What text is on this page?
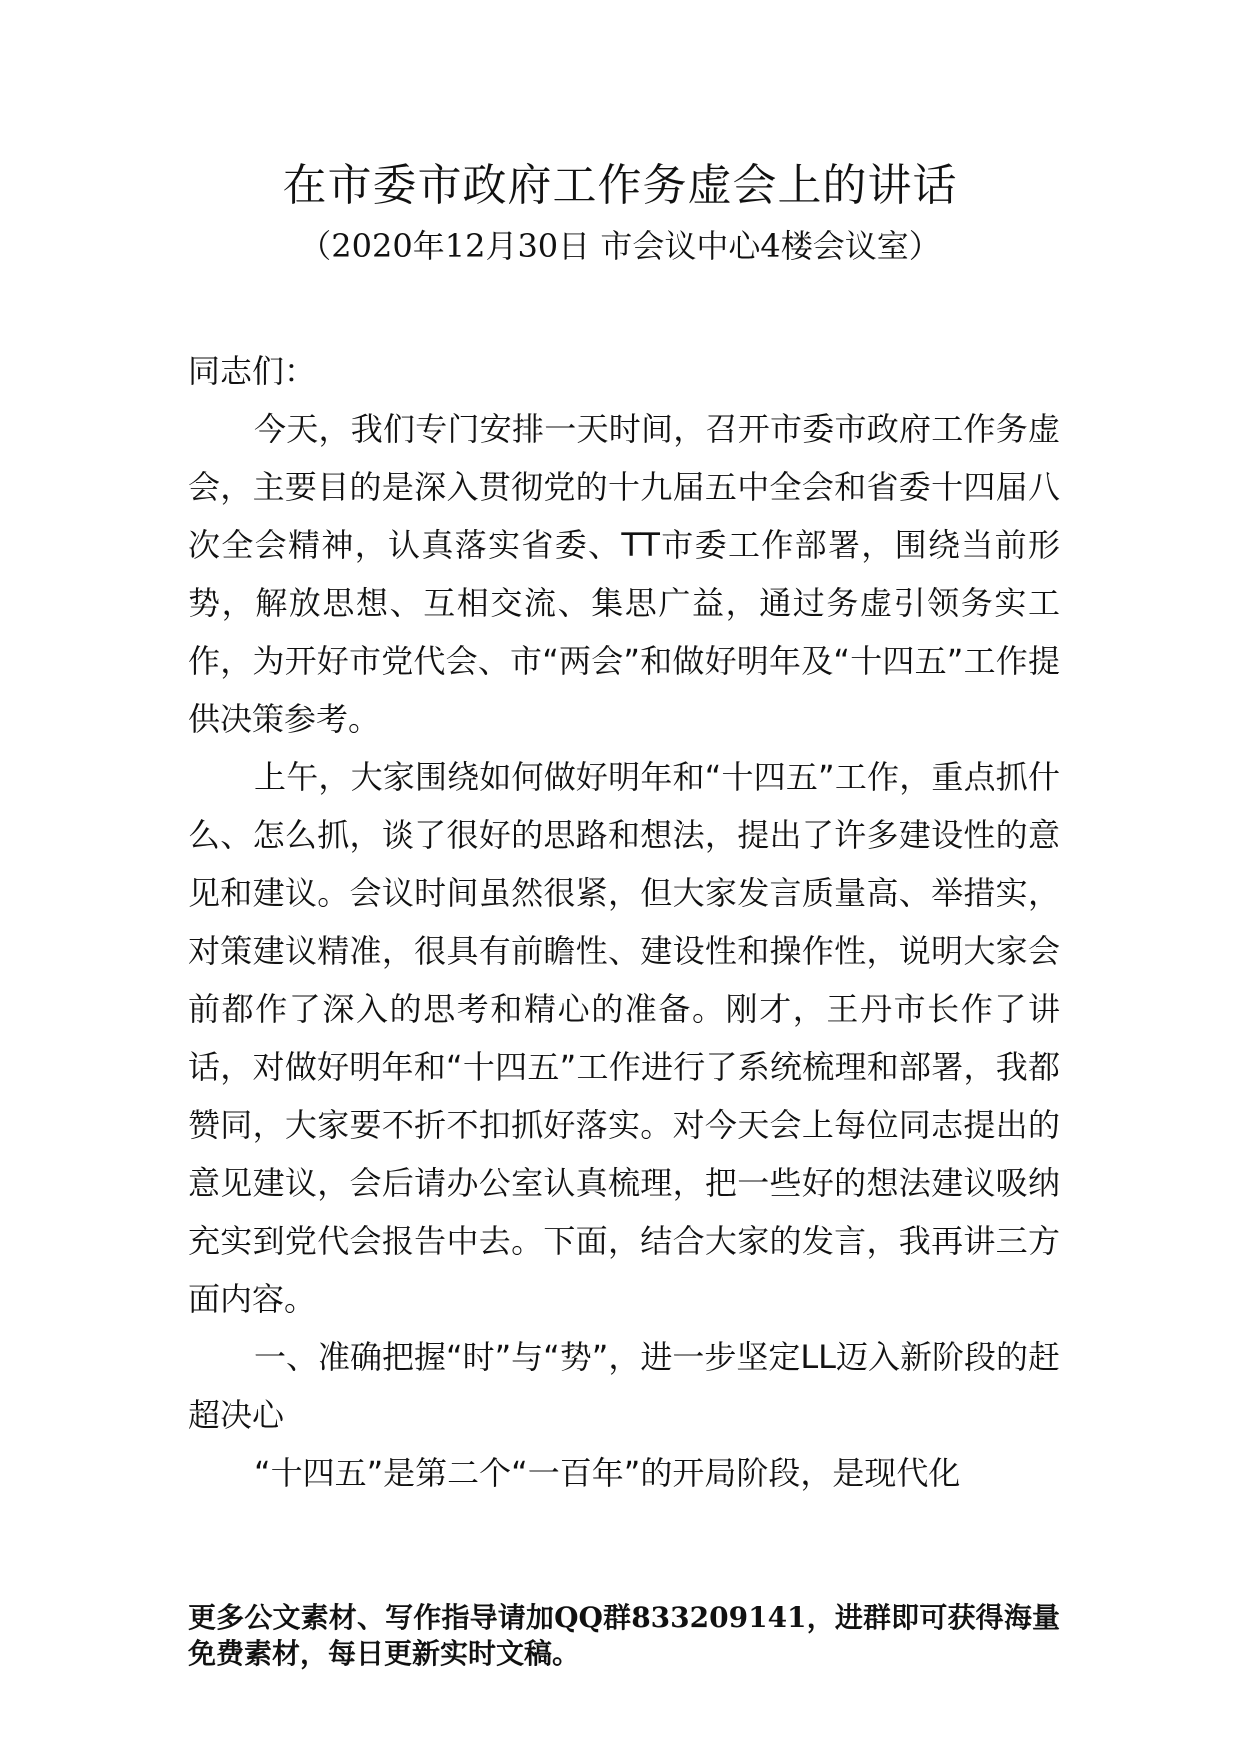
在市委市政府工作务虚会上的讲话
（2020年12月30日 市会议中心4楼会议室）

同志们：

今天，我们专门安排一天时间，召开市委市政府工作务虚会，主要目的是深入贯彻党的十九届五中全会和省委十四届八次全会精神，认真落实省委、TT市委工作部署，围绕当前形势，解放思想、互相交流、集思广益，通过务虚引领务实工作，为开好市党代会、市“两会”和做好明年及“十四五”工作提供决策参考。

上午，大家围绕如何做好明年和“十四五”工作，重点抓什么、怎么抓，谈了很好的思路和想法，提出了许多建设性的意见和建议。会议时间虽然很紧，但大家发言质量高、举措实，对策建议精准，很具有前瞻性、建设性和操作性，说明大家会前都作了深入的思考和精心的准备。刚才，王丹市长作了讲话，对做好明年和“十四五”工作进行了系统梳理和部署，我都赞同，大家要不折不扣抓好落实。对今天会上每位同志提出的意见建议，会后请办公室认真梳理，把一些好的想法建议吸纳充实到党代会报告中去。下面，结合大家的发言，我再讲三方面内容。

一、准确把握“时”与“势”，进一步坚定LL迈入新阶段的赶超决心

“十四五”是第二个“一百年”的开局阶段，是现代化

更多公文素材、写作指导请加QQ群833209141，进群即可获得海量免费素材，每日更新实时文稿。
